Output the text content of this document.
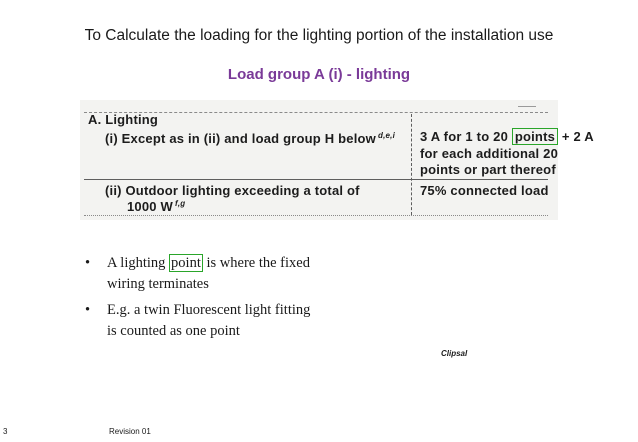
To Calculate the loading for the lighting portion of the installation use
Load group A (i) - lighting
A. Lighting
(i) Except as in (ii) and load group H below $^{d,e,i}$ 3 A for 1 to 20 points + 2 A
for each additional 20
points or part thereof
(ii) Outdoor lighting exceeding a total of
1000 W $^{f,g}$
75% connected load
• A lighting point is where the fixed wiring terminates
• E.g. a twin Fluorescent light fitting is counted as one point
Clipsal
3	Revision 01
